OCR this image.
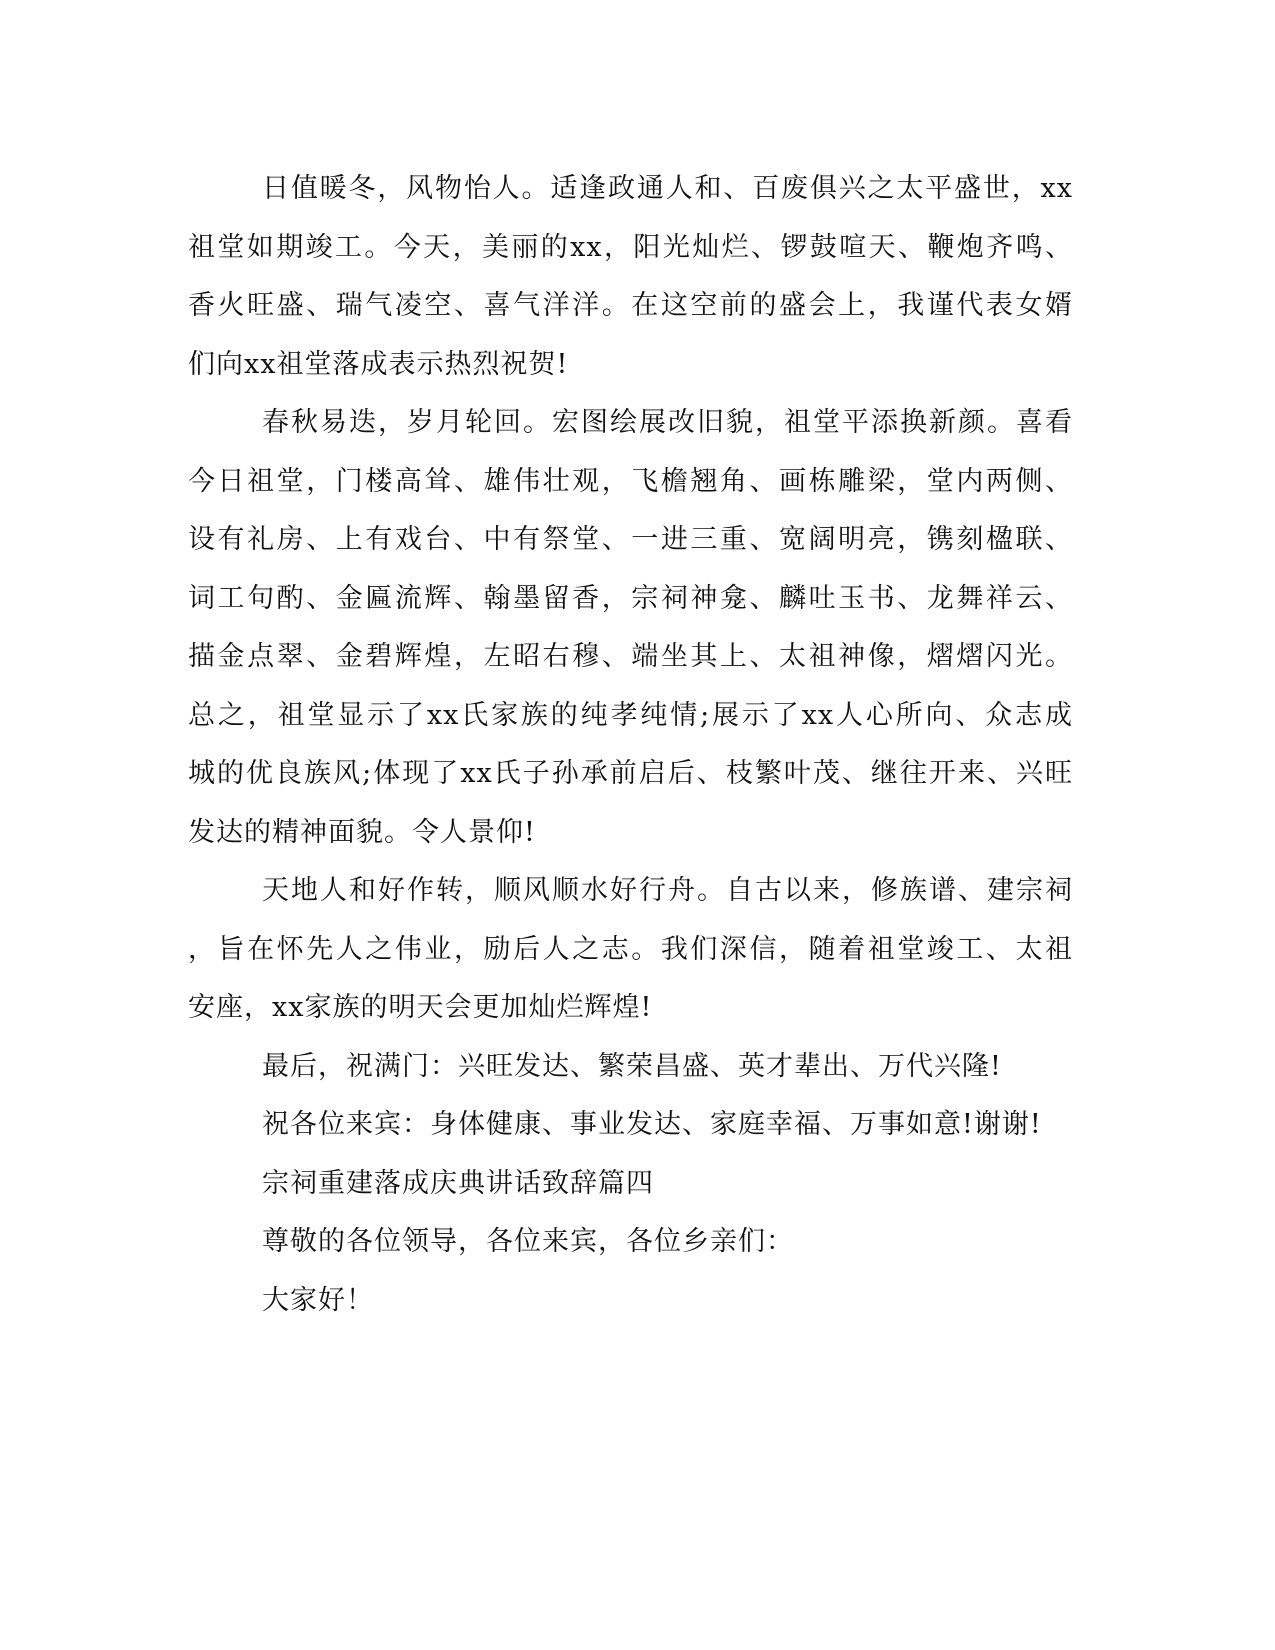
日值暖冬，风物怡人。适逢政通人和、百废俱兴之太平盛世，xx
祖堂如期竣工。今天，美丽的xx，阳光灿烂、锣鼓喧天、鞭炮齐鸣、
香火旺盛、瑞气凌空、喜气洋洋。在这空前的盛会上，我谨代表女婿
们向xx祖堂落成表示热烈祝贺!
春秋易迭，岁月轮回。宏图绘展改旧貌，祖堂平添换新颜。喜看
今日祖堂，门楼高耸、雄伟壮观，飞檐翘角、画栋雕梁，堂内两侧、
设有礼房、上有戏台、中有祭堂、一进三重、宽阔明亮，镌刻楹联、
词工句酌、金匾流辉、翰墨留香，宗祠神龛、麟吐玉书、龙舞祥云、
描金点翠、金碧辉煌，左昭右穆、端坐其上、太祖神像，熠熠闪光。
总之，祖堂显示了xx氏家族的纯孝纯情;展示了xx人心所向、众志成
城的优良族风;体现了xx氏子孙承前启后、枝繁叶茂、继往开来、兴旺
发达的精神面貌。令人景仰!
天地人和好作转，顺风顺水好行舟。自古以来，修族谱、建宗祠
，旨在怀先人之伟业，励后人之志。我们深信，随着祖堂竣工、太祖
安座，xx家族的明天会更加灿烂辉煌!
最后，祝满门：兴旺发达、繁荣昌盛、英才辈出、万代兴隆!
祝各位来宾：身体健康、事业发达、家庭幸福、万事如意!谢谢!
宗祠重建落成庆典讲话致辞篇四
尊敬的各位领导，各位来宾，各位乡亲们：
大家好！
